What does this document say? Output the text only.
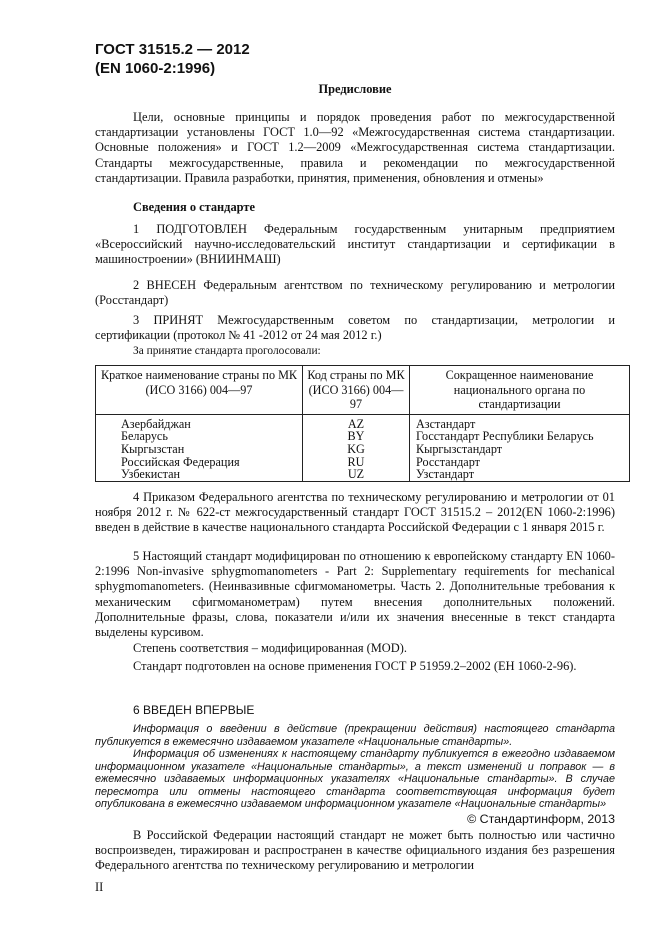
ГОСТ 31515.2 — 2012
(EN 1060-2:1996)
Предисловие

Цели, основные принципы и порядок проведения работ по межгосударственной стандартизации установлены ГОСТ 1.0—92 «Межгосударственная система стандартизации. Основные положения» и ГОСТ 1.2—2009 «Межгосударственная система стандартизации. Стандарты межгосударственные, правила и рекомендации по межгосударственной стандартизации. Правила разработки, принятия, применения, обновления и отмены»

Сведения о стандарте

1 ПОДГОТОВЛЕН Федеральным государственным унитарным предприятием «Всероссийский научно-исследовательский институт стандартизации и сертификации в машиностроении» (ВНИИНМАШ)

2 ВНЕСЕН Федеральным агентством по техническому регулированию и метрологии (Росстандарт)

3 ПРИНЯТ Межгосударственным советом по стандартизации, метрологии и сертификации (протокол № 41 -2012 от 24 мая 2012 г.)

За принятие стандарта проголосовали:
Краткое наименование страны по МК (ИСО 3166) 004—97	Код страны по МК (ИСО 3166) 004—97	Сокращенное наименование национального органа по стандартизации
Азербайджан	AZ	Азстандарт
Беларусь	BY	Госстандарт Республики Беларусь
Кыргызстан	KG	Кыргызстандарт
Российская Федерация	RU	Росстандарт
Узбекистан	UZ	Узстандарт

4 Приказом Федерального агентства по техническому регулированию и метрологии от 01 ноября 2012 г. № 622-ст межгосударственный стандарт ГОСТ 31515.2 – 2012(EN 1060-2:1996) введен в действие в качестве национального стандарта Российской Федерации с 1 января 2015 г.

5 Настоящий стандарт модифицирован по отношению к европейскому стандарту EN 1060-2:1996 Non-invasive sphygmomanometers - Part 2: Supplementary requirements for mechanical sphygmomanometers. (Неинвазивные сфигмоманометры. Часть 2. Дополнительные требования к механическим сфигмоманометрам) путем внесения дополнительных положений. Дополнительные фразы, слова, показатели и/или их значения внесенные в текст стандарта выделены курсивом.

Степень соответствия – модифицированная (MOD).

Стандарт подготовлен на основе применения ГОСТ Р 51959.2–2002 (ЕН 1060-2-96).

6 ВВЕДЕН ВПЕРВЫЕ

Информация о введении в действие (прекращении действия) настоящего стандарта публикуется в ежемесячно издаваемом указателе «Национальные стандарты».

Информация об изменениях к настоящему стандарту публикуется в ежегодно издаваемом информационном указателе «Национальные стандарты», а текст изменений и поправок — в ежемесячно издаваемых информационных указателях «Национальные стандарты». В случае пересмотра или отмены настоящего стандарта соответствующая информация будет опубликована в ежемесячно издаваемом информационном указателе «Национальные стандарты»

© Стандартинформ, 2013

В Российской Федерации настоящий стандарт не может быть полностью или частично воспроизведен, тиражирован и распространен в качестве официального издания без разрешения Федерального агентства по техническому регулированию и метрологии

II
